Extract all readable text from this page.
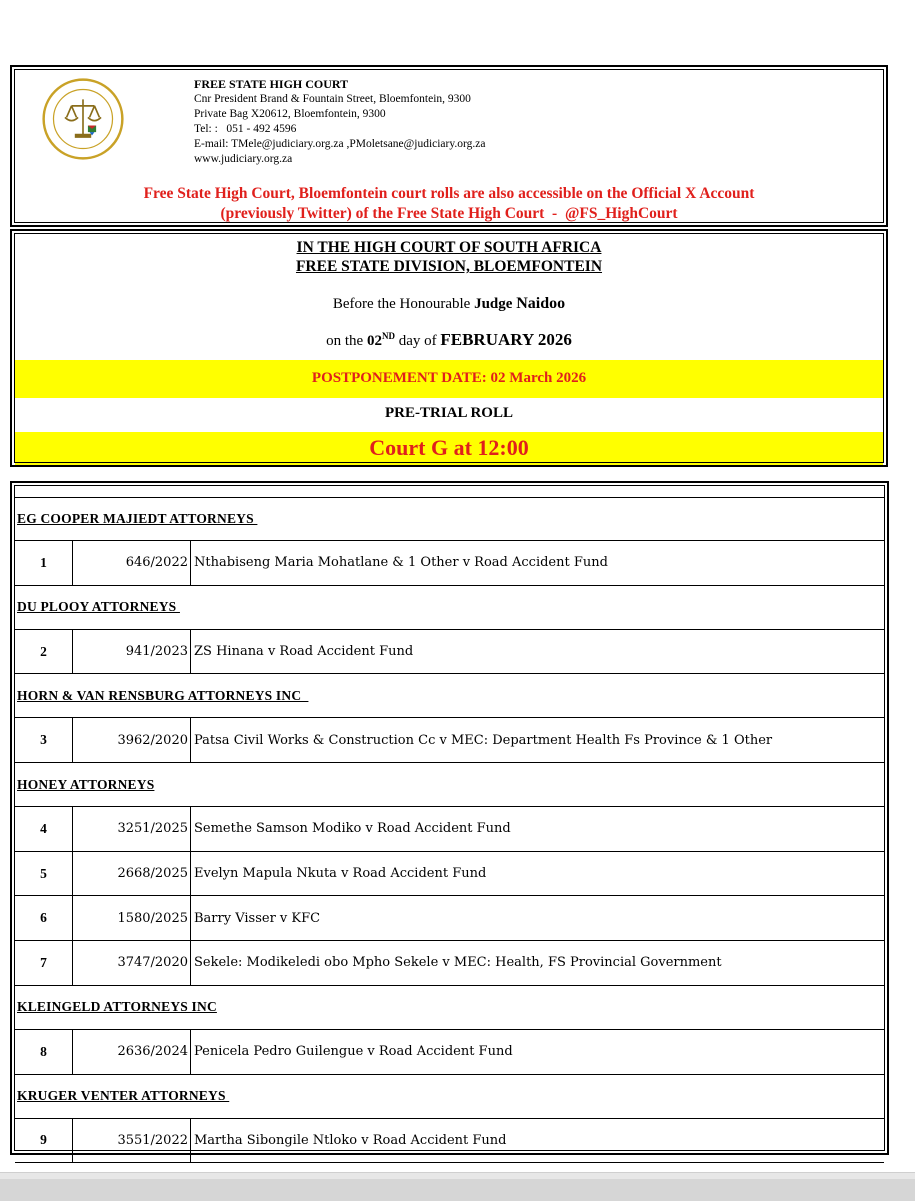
FREE STATE HIGH COURT
Cnr President Brand & Fountain Street, Bloemfontein, 9300
Private Bag X20612, Bloemfontein, 9300
Tel: :   051 - 492 4596
E-mail: TMele@judiciary.org.za ,PMoletsane@judiciary.org.za
www.judiciary.org.za
Free State High Court, Bloemfontein court rolls are also accessible on the Official X Account
(previously Twitter) of the Free State High Court  -  @FS_HighCourt
IN THE HIGH COURT OF SOUTH AFRICA
FREE STATE DIVISION, BLOEMFONTEIN
Before the Honourable Judge Naidoo
on the 02ND day of FEBRUARY 2026
POSTPONEMENT DATE: 02 March 2026
PRE-TRIAL ROLL
Court G at 12:00
EG COOPER MAJIEDT ATTORNEYS
1	646/2022 Nthabiseng Maria Mohatlane & 1 Other v Road Accident Fund
DU PLOOY ATTORNEYS
2	941/2023 ZS Hinana v Road Accident Fund
HORN & VAN RENSBURG ATTORNEYS INC
3	3962/2020 Patsa Civil Works & Construction Cc v MEC: Department Health Fs Province & 1 Other
HONEY ATTORNEYS
4	3251/2025 Semethe Samson Modiko v Road Accident Fund
5	2668/2025 Evelyn Mapula Nkuta v Road Accident Fund
6	1580/2025 Barry Visser v KFC
7	3747/2020 Sekele: Modikeledi obo Mpho Sekele v MEC: Health, FS Provincial Government
KLEINGELD ATTORNEYS INC
8	2636/2024 Penicela Pedro Guilengue v Road Accident Fund
KRUGER VENTER ATTORNEYS
9	3551/2022 Martha Sibongile Ntloko v Road Accident Fund
